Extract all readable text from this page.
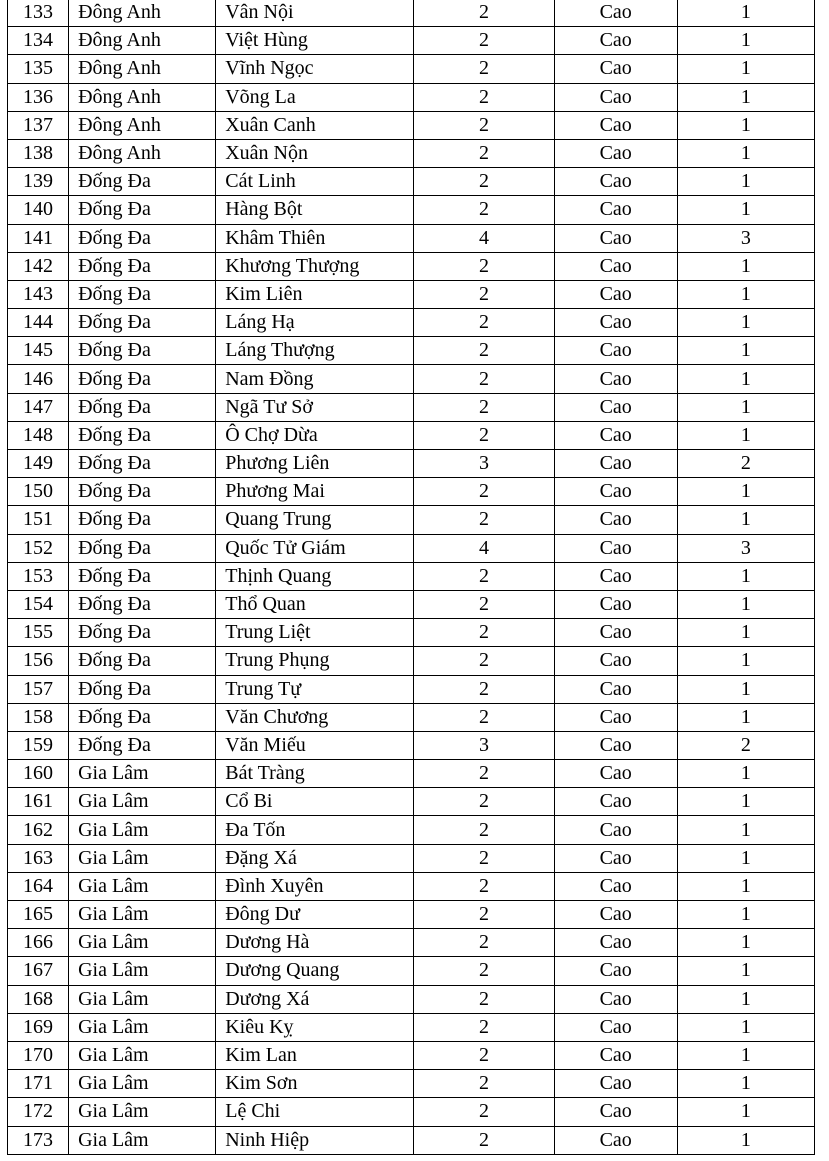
133	Đông Anh	Vân Nội	2	Cao	1
134	Đông Anh	Việt Hùng	2	Cao	1
135	Đông Anh	Vĩnh Ngọc	2	Cao	1
136	Đông Anh	Võng La	2	Cao	1
137	Đông Anh	Xuân Canh	2	Cao	1
138	Đông Anh	Xuân Nộn	2	Cao	1
139	Đống Đa	Cát Linh	2	Cao	1
140	Đống Đa	Hàng Bột	2	Cao	1
141	Đống Đa	Khâm Thiên	4	Cao	3
142	Đống Đa	Khương Thượng	2	Cao	1
143	Đống Đa	Kim Liên	2	Cao	1
144	Đống Đa	Láng Hạ	2	Cao	1
145	Đống Đa	Láng Thượng	2	Cao	1
146	Đống Đa	Nam Đồng	2	Cao	1
147	Đống Đa	Ngã Tư Sở	2	Cao	1
148	Đống Đa	Ô Chợ Dừa	2	Cao	1
149	Đống Đa	Phương Liên	3	Cao	2
150	Đống Đa	Phương Mai	2	Cao	1
151	Đống Đa	Quang Trung	2	Cao	1
152	Đống Đa	Quốc Tử Giám	4	Cao	3
153	Đống Đa	Thịnh Quang	2	Cao	1
154	Đống Đa	Thổ Quan	2	Cao	1
155	Đống Đa	Trung Liệt	2	Cao	1
156	Đống Đa	Trung Phụng	2	Cao	1
157	Đống Đa	Trung Tự	2	Cao	1
158	Đống Đa	Văn Chương	2	Cao	1
159	Đống Đa	Văn Miếu	3	Cao	2
160	Gia Lâm	Bát Tràng	2	Cao	1
161	Gia Lâm	Cổ Bi	2	Cao	1
162	Gia Lâm	Đa Tốn	2	Cao	1
163	Gia Lâm	Đặng Xá	2	Cao	1
164	Gia Lâm	Đình Xuyên	2	Cao	1
165	Gia Lâm	Đông Dư	2	Cao	1
166	Gia Lâm	Dương Hà	2	Cao	1
167	Gia Lâm	Dương Quang	2	Cao	1
168	Gia Lâm	Dương Xá	2	Cao	1
169	Gia Lâm	Kiêu Kỵ	2	Cao	1
170	Gia Lâm	Kim Lan	2	Cao	1
171	Gia Lâm	Kim Sơn	2	Cao	1
172	Gia Lâm	Lệ Chi	2	Cao	1
173	Gia Lâm	Ninh Hiệp	2	Cao	1
